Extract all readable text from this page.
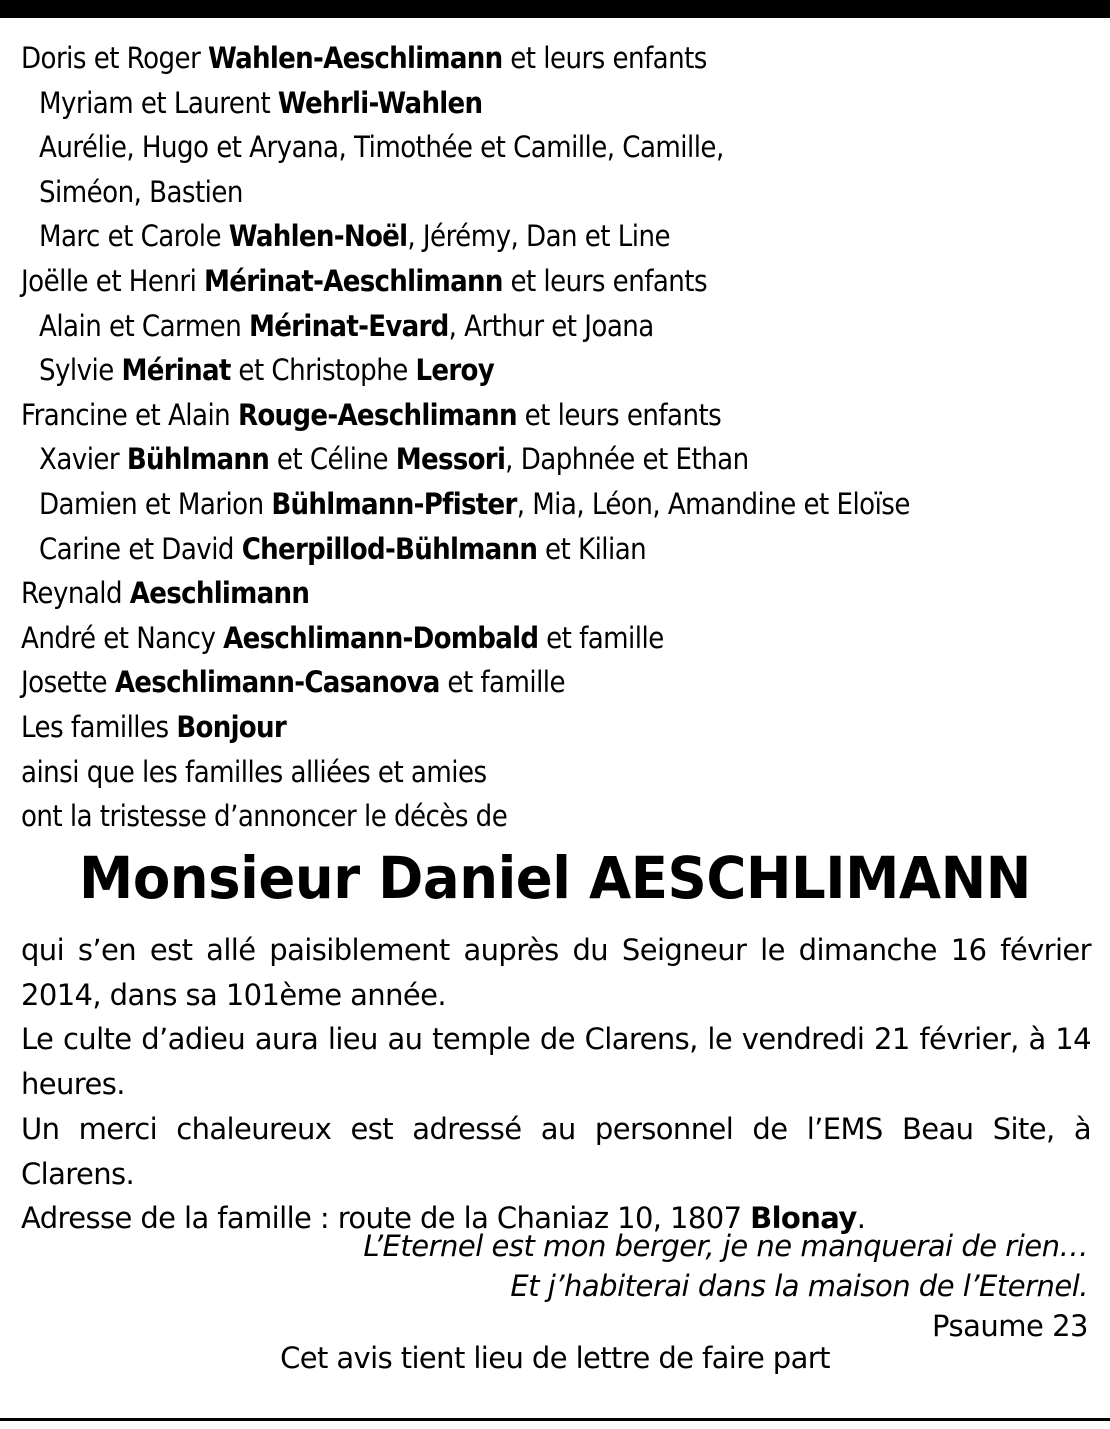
Doris et Roger Wahlen-Aeschlimann et leurs enfants
Myriam et Laurent Wehrli-Wahlen
Aurélie, Hugo et Aryana, Timothée et Camille, Camille,
Siméon, Bastien
Marc et Carole Wahlen-Noël, Jérémy, Dan et Line
Joëlle et Henri Mérinat-Aeschlimann et leurs enfants
Alain et Carmen Mérinat-Evard, Arthur et Joana
Sylvie Mérinat et Christophe Leroy
Francine et Alain Rouge-Aeschlimann et leurs enfants
Xavier Bühlmann et Céline Messori, Daphnée et Ethan
Damien et Marion Bühlmann-Pfister, Mia, Léon, Amandine et Eloïse
Carine et David Cherpillod-Bühlmann et Kilian
Reynald Aeschlimann
André et Nancy Aeschlimann-Dombald et famille
Josette Aeschlimann-Casanova et famille
Les familles Bonjour
ainsi que les familles alliées et amies
ont la tristesse d’annoncer le décès de
Monsieur Daniel AESCHLIMANN
qui s’en est allé paisiblement auprès du Seigneur le dimanche 16 février 2014, dans sa 101ème année.
Le culte d’adieu aura lieu au temple de Clarens, le vendredi 21 février, à 14 heures.
Un merci chaleureux est adressé au personnel de l’EMS Beau Site, à Clarens.
Adresse de la famille : route de la Chaniaz 10, 1807 Blonay.
L’Eternel est mon berger, je ne manquerai de rien…
Et j’habiterai dans la maison de l’Eternel.
Psaume 23
Cet avis tient lieu de lettre de faire part
